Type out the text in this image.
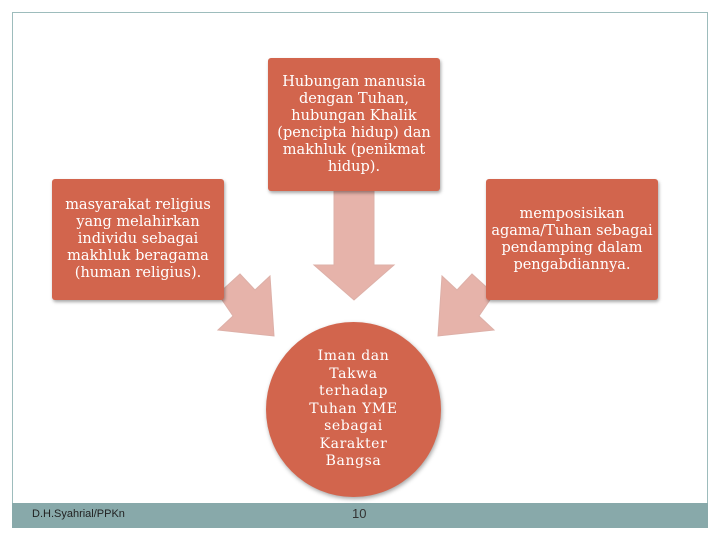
Hubungan manusia dengan Tuhan, hubungan Khalik (pencipta hidup) dan makhluk (penikmat hidup).
masyarakat religius yang melahirkan individu sebagai makhluk beragama (human religius).
memposisikan agama/Tuhan sebagai pendamping dalam pengabdiannya.
Iman dan Takwa terhadap Tuhan YME sebagai Karakter Bangsa
D.H.Syahrial/PPKn	10
